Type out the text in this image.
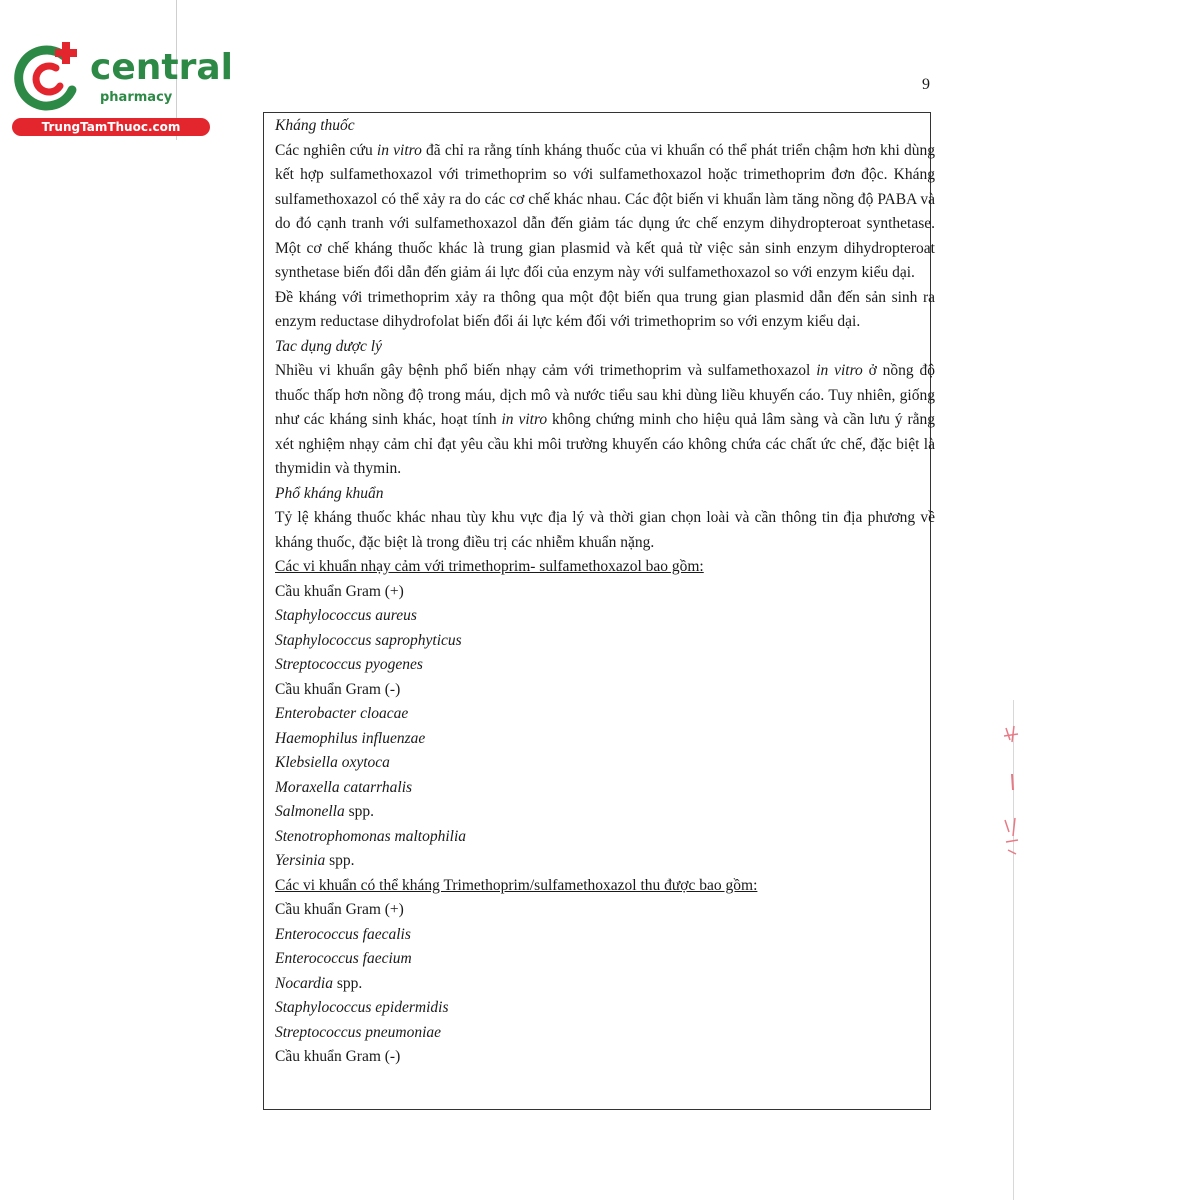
central
pharmacy
TrungTamThuoc.com
9

Kháng thuốc

Các nghiên cứu in vitro đã chỉ ra rằng tính kháng thuốc của vi khuẩn có thể phát triển chậm hơn khi dùng kết hợp sulfamethoxazol với trimethoprim so với sulfamethoxazol hoặc trimethoprim đơn độc. Kháng sulfamethoxazol có thể xảy ra do các cơ chế khác nhau. Các đột biến vi khuẩn làm tăng nồng độ PABA và do đó cạnh tranh với sulfamethoxazol dẫn đến giảm tác dụng ức chế enzym dihydropteroat synthetase. Một cơ chế kháng thuốc khác là trung gian plasmid và kết quả từ việc sản sinh enzym dihydropteroat synthetase biến đổi dẫn đến giảm ái lực đối của enzym này với sulfamethoxazol so với enzym kiểu dại.

Đề kháng với trimethoprim xảy ra thông qua một đột biến qua trung gian plasmid dẫn đến sản sinh ra enzym reductase dihydrofolat biến đổi ái lực kém đối với trimethoprim so với enzym kiểu dại.

Tac dụng dược lý

Nhiều vi khuẩn gây bệnh phổ biến nhạy cảm với trimethoprim và sulfamethoxazol in vitro ở nồng độ thuốc thấp hơn nồng độ trong máu, dịch mô và nước tiểu sau khi dùng liều khuyến cáo. Tuy nhiên, giống như các kháng sinh khác, hoạt tính in vitro không chứng minh cho hiệu quả lâm sàng và cần lưu ý rằng xét nghiệm nhạy cảm chỉ đạt yêu cầu khi môi trường khuyến cáo không chứa các chất ức chế, đặc biệt là thymidin và thymin.

Phổ kháng khuẩn

Tỷ lệ kháng thuốc khác nhau tùy khu vực địa lý và thời gian chọn loài và cần thông tin địa phương về kháng thuốc, đặc biệt là trong điều trị các nhiễm khuẩn nặng.

Các vi khuẩn nhạy cảm với trimethoprim- sulfamethoxazol bao gồm:

Cầu khuẩn Gram (+)

Staphylococcus aureus

Staphylococcus saprophyticus

Streptococcus pyogenes

Cầu khuẩn Gram (-)

Enterobacter cloacae

Haemophilus influenzae

Klebsiella oxytoca

Moraxella catarrhalis

Salmonella spp.

Stenotrophomonas maltophilia

Yersinia spp.

Các vi khuẩn có thể kháng Trimethoprim/sulfamethoxazol thu được bao gồm:

Cầu khuẩn Gram (+)

Enterococcus faecalis

Enterococcus faecium

Nocardia spp.

Staphylococcus epidermidis

Streptococcus pneumoniae

Cầu khuẩn Gram (-)
